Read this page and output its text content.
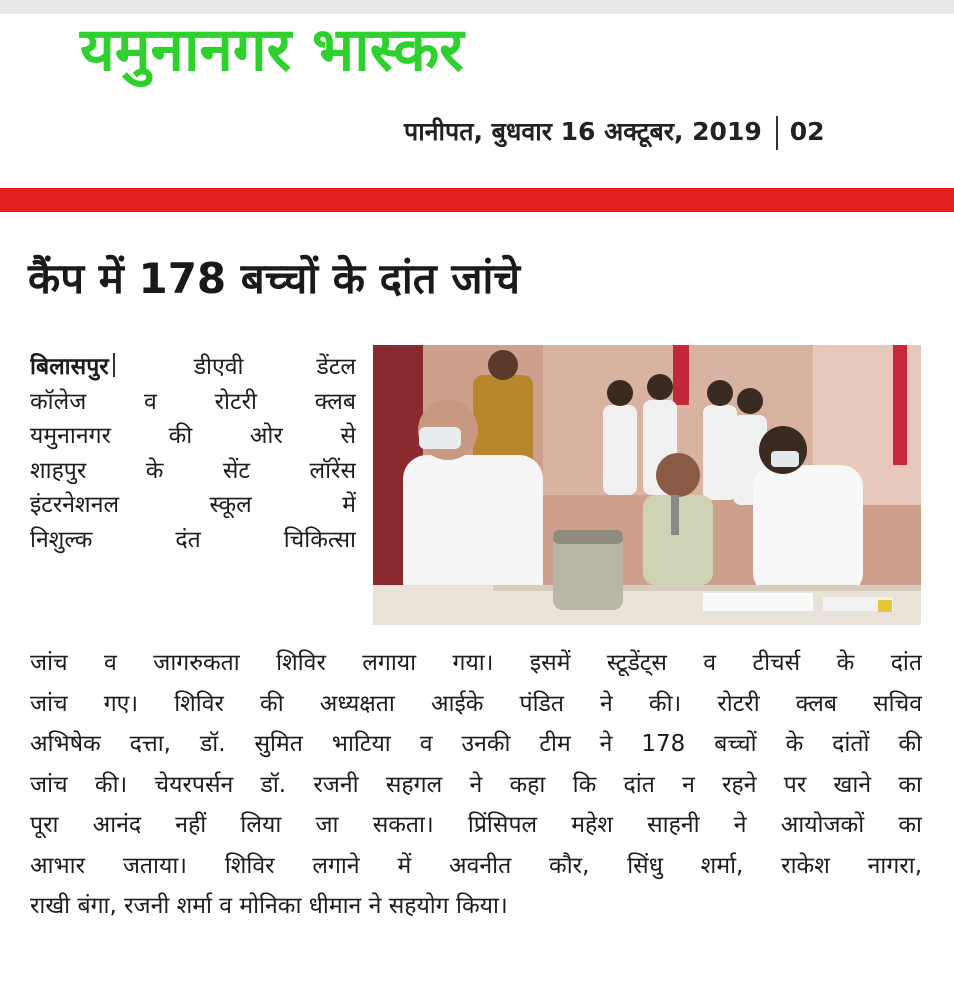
यमुनानगर भास्कर
पानीपत, बुधवार 16 अक्टूबर, 2019 02
कैंप में 178 बच्चों के दांत जांचे
बिलासपुर	डीएवी डेंटल
कॉलेज व रोटरी क्लब
यमुनानगर की ओर से
शाहपुर के सेंट लॉरेंस
इंटरनेशनल स्कूल में
निशुल्क दंत चिकित्सा
जांच व जागरुकता शिविर लगाया गया। इसमें स्टूडेंट्स व टीचर्स के दांत
जांच गए। शिविर की अध्यक्षता आईके पंडित ने की। रोटरी क्लब सचिव
अभिषेक दत्ता, डॉ. सुमित भाटिया व उनकी टीम ने 178 बच्चों के दांतों की
जांच की। चेयरपर्सन डॉ. रजनी सहगल ने कहा कि दांत न रहने पर खाने का
पूरा आनंद नहीं लिया जा सकता। प्रिंसिपल महेश साहनी ने आयोजकों का
आभार जताया। शिविर लगाने में अवनीत कौर, सिंधु शर्मा, राकेश नागरा,
राखी बंगा, रजनी शर्मा व मोनिका धीमान ने सहयोग किया।
